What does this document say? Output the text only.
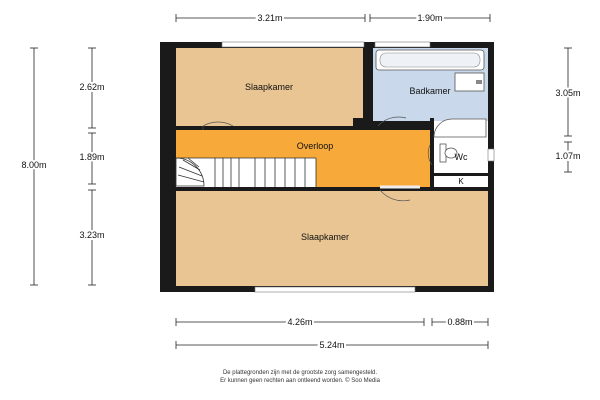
3.21m	1.90m
8.00m
2.62m
1.89m
3.23m
3.05m
1.07m
4.26m	0.88m
5.24m
Slaapkamer	Badkamer
Overloop
Wc
K
Slaapkamer
De plattegronden zijn met de grootste zorg samengesteld.
Er kunnen geen rechten aan ontleend worden. © Soo Media
